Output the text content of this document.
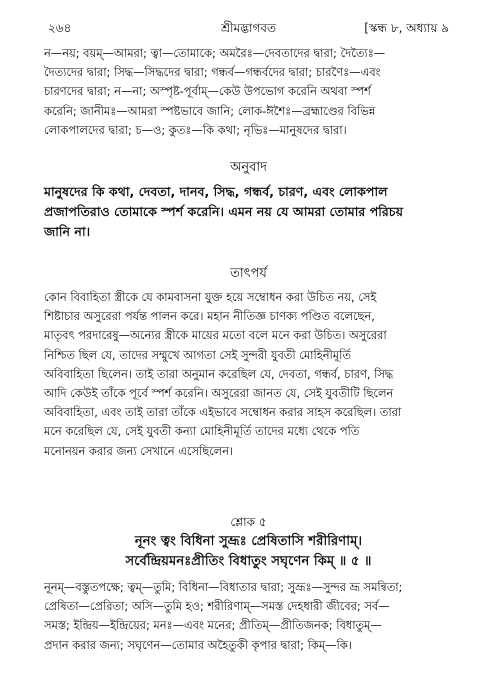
২৬৪	শ্রীমদ্ভাগবত	[স্কন্ধ ৮, অধ্যায় ৯

ন—নয়; বয়ম্—আমরা; ত্বা—তোমাকে; অমরৈঃ—দেবতাদের দ্বারা; দৈত্যৈঃ—

দৈত্যদের দ্বারা; সিদ্ধ—সিদ্ধদের দ্বারা; গন্ধর্ব—গন্ধর্বদের দ্বারা; চারণৈঃ—এবং

চারণদের দ্বারা; ন—না; অস্পৃষ্ট-পূর্বাম্—কেউ উপভোগ করেনি অথবা স্পর্শ

করেনি; জানীমঃ—আমরা স্পষ্টভাবে জানি; লোক-ঈশৈঃ—ব্রহ্মাণ্ডের বিভিন্ন

লোকপালদের দ্বারা; চ—ও; কুতঃ—কি কথা; নৃভিঃ—মানুষদের দ্বারা।

অনুবাদ

মানুষদের কি কথা, দেবতা, দানব, সিদ্ধ, গন্ধর্ব, চারণ, এবং লোকপাল

প্রজাপতিরাও তোমাকে স্পর্শ করেনি। এমন নয় যে আমরা তোমার পরিচয়

জানি না।

তাৎপর্য

কোন বিবাহিতা স্ত্রীকে যে কামবাসনা যুক্ত হয়ে সম্বোধন করা উচিত নয়, সেই

শিষ্টাচার অসুরেরা পর্যন্ত পালন করে। মহান নীতিজ্ঞ চাণক্য পণ্ডিত বলেছেন,

মাতৃবৎ পরদারেষু—অন্যের স্ত্রীকে মায়ের মতো বলে মনে করা উচিত। অসুরেরা

নিশ্চিত ছিল যে, তাদের সম্মুখে আগতা সেই সুন্দরী যুবতী মোহিনীমূর্তি

অবিবাহিতা ছিলেন। তাই তারা অনুমান করেছিল যে, দেবতা, গন্ধর্ব, চারণ, সিদ্ধ

আদি কেউই তাঁকে পূর্বে স্পর্শ করেনি। অসুরেরা জানত যে, সেই যুবতীটি ছিলেন

অবিবাহিতা, এবং তাই তারা তাঁকে এইভাবে সম্বোধন করার সাহস করেছিল। তারা

মনে করেছিল যে, সেই যুবতী কন্যা মোহিনীমূর্তি তাদের মধ্যে থেকে পতি

মনোনয়ন করার জন্য সেখানে এসেছিলেন।

শ্লোক ৫
নূনং ত্বং বিধিনা সুভ্রূঃ প্রেষিতাসি শরীরিণাম্।
সর্বেন্দ্রিয়মনঃপ্রীতিং বিধাতুং সঘৃণেন কিম্ ॥ ৫ ॥

নূনম্—বস্তুতপক্ষে; ত্বম্—তুমি; বিধিনা—বিধাতার দ্বারা; সুভ্রূঃ—সুন্দর ভ্রূ সমন্বিতা;

প্রেষিতা—প্রেরিতা; অসি—তুমি হও; শরীরিণাম্—সমস্ত দেহধারী জীবের; সর্ব—

সমস্ত; ইন্দ্রিয়—ইন্দ্রিয়ের; মনঃ—এবং মনের; প্রীতিম্—প্রীতিজনক; বিধাতুম্—

প্রদান করার জন্য; সঘৃণেন—তোমার অহৈতুকী কৃপার দ্বারা; কিম্—কি।
